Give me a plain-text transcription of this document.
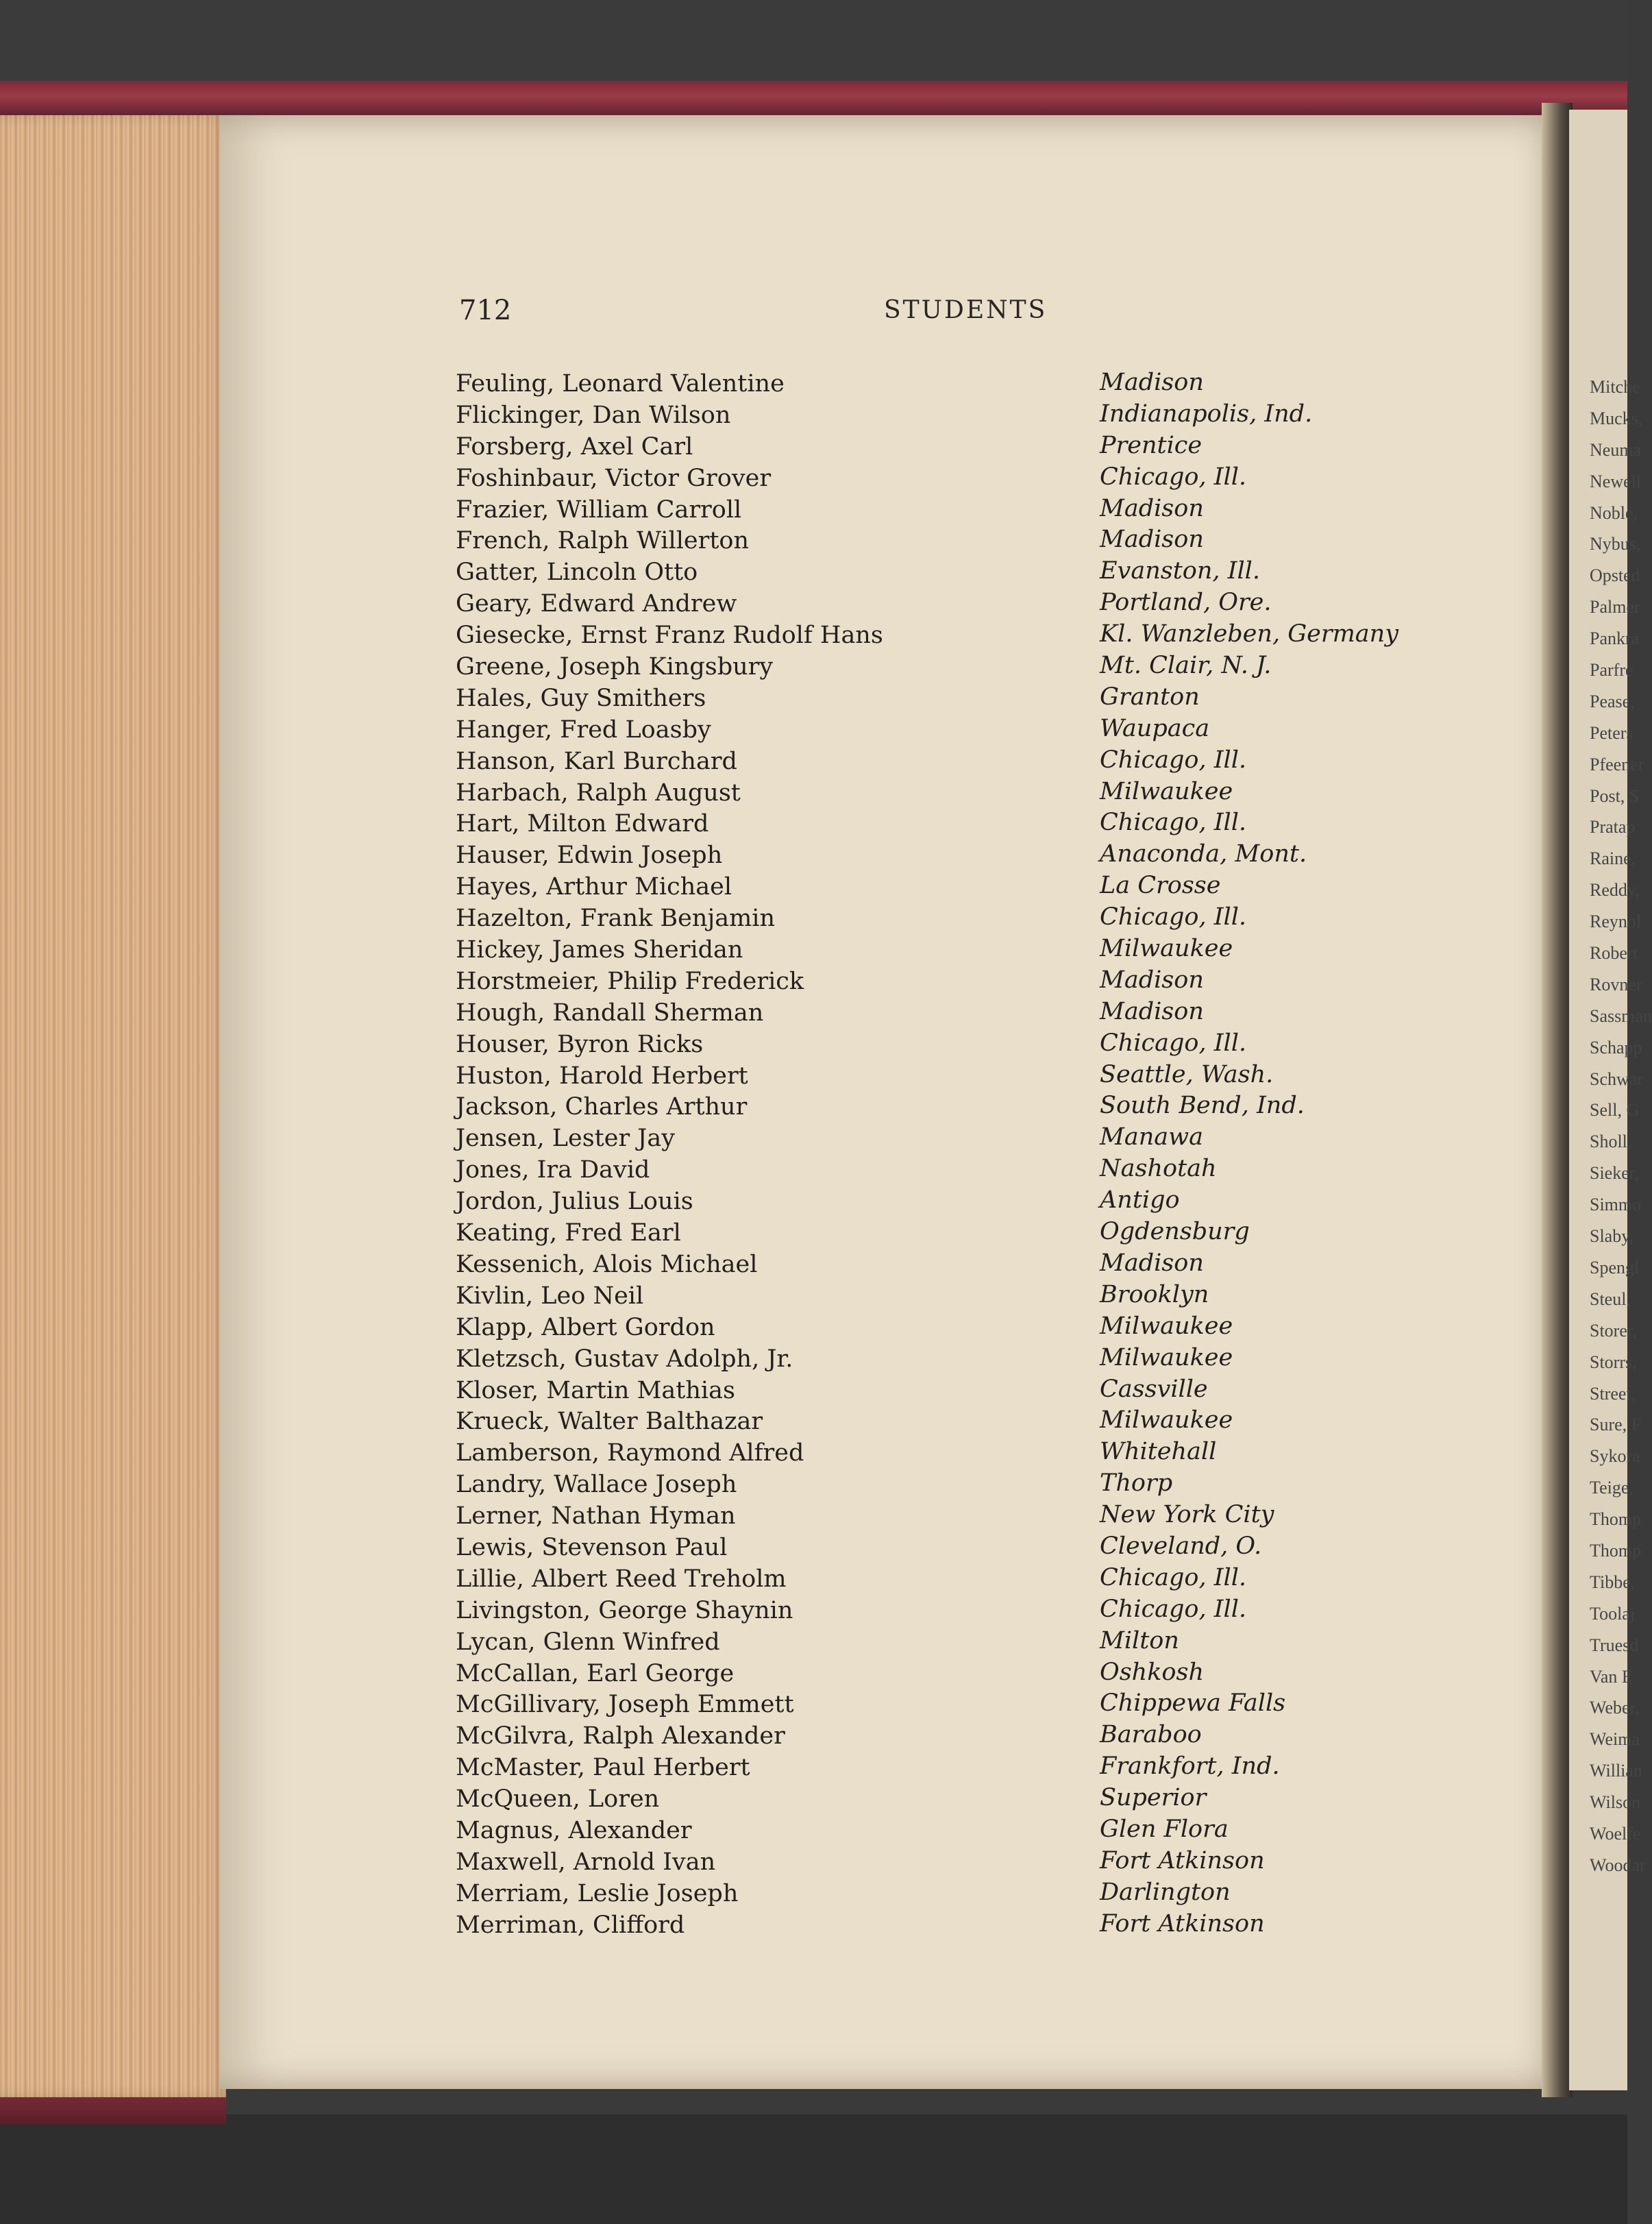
Mitche
Mucks,
Neuma
Newell
Noble,
Nybus,
Opsted
Palmer
Pankra
Parfre
Pease,
Peters
Pfeener
Post, S
Pratap
Raine,
Reddy,
Reynol
Robert
Rovner
Sassman
Schapp
Schwar
Sell, G
Sholl,
Sieker,
Simmo
Slaby,
Spengl
Steul,
Storer,
Storrs,
Street,
Sure, F
Sykora
Teige,
Thomp
Thomp
Tibbe,
Toolaj
Truesd
Van E
Weber,
Weima
Willian
Wilson
Woelfe
Woodar
712	STUDENTS
Feuling, Leonard Valentine	Madison
Flickinger, Dan Wilson	Indianapolis, Ind.
Forsberg, Axel Carl	Prentice
Foshinbaur, Victor Grover	Chicago, Ill.
Frazier, William Carroll	Madison
French, Ralph Willerton	Madison
Gatter, Lincoln Otto	Evanston, Ill.
Geary, Edward Andrew	Portland, Ore.
Giesecke, Ernst Franz Rudolf Hans	Kl. Wanzleben, Germany
Greene, Joseph Kingsbury	Mt. Clair, N. J.
Hales, Guy Smithers	Granton
Hanger, Fred Loasby	Waupaca
Hanson, Karl Burchard	Chicago, Ill.
Harbach, Ralph August	Milwaukee
Hart, Milton Edward	Chicago, Ill.
Hauser, Edwin Joseph	Anaconda, Mont.
Hayes, Arthur Michael	La Crosse
Hazelton, Frank Benjamin	Chicago, Ill.
Hickey, James Sheridan	Milwaukee
Horstmeier, Philip Frederick	Madison
Hough, Randall Sherman	Madison
Houser, Byron Ricks	Chicago, Ill.
Huston, Harold Herbert	Seattle, Wash.
Jackson, Charles Arthur	South Bend, Ind.
Jensen, Lester Jay	Manawa
Jones, Ira David	Nashotah
Jordon, Julius Louis	Antigo
Keating, Fred Earl	Ogdensburg
Kessenich, Alois Michael	Madison
Kivlin, Leo Neil	Brooklyn
Klapp, Albert Gordon	Milwaukee
Kletzsch, Gustav Adolph, Jr.	Milwaukee
Kloser, Martin Mathias	Cassville
Krueck, Walter Balthazar	Milwaukee
Lamberson, Raymond Alfred	Whitehall
Landry, Wallace Joseph	Thorp
Lerner, Nathan Hyman	New York City
Lewis, Stevenson Paul	Cleveland, O.
Lillie, Albert Reed Treholm	Chicago, Ill.
Livingston, George Shaynin	Chicago, Ill.
Lycan, Glenn Winfred	Milton
McCallan, Earl George	Oshkosh
McGillivary, Joseph Emmett	Chippewa Falls
McGilvra, Ralph Alexander	Baraboo
McMaster, Paul Herbert	Frankfort, Ind.
McQueen, Loren	Superior
Magnus, Alexander	Glen Flora
Maxwell, Arnold Ivan	Fort Atkinson
Merriam, Leslie Joseph	Darlington
Merriman, Clifford	Fort Atkinson
